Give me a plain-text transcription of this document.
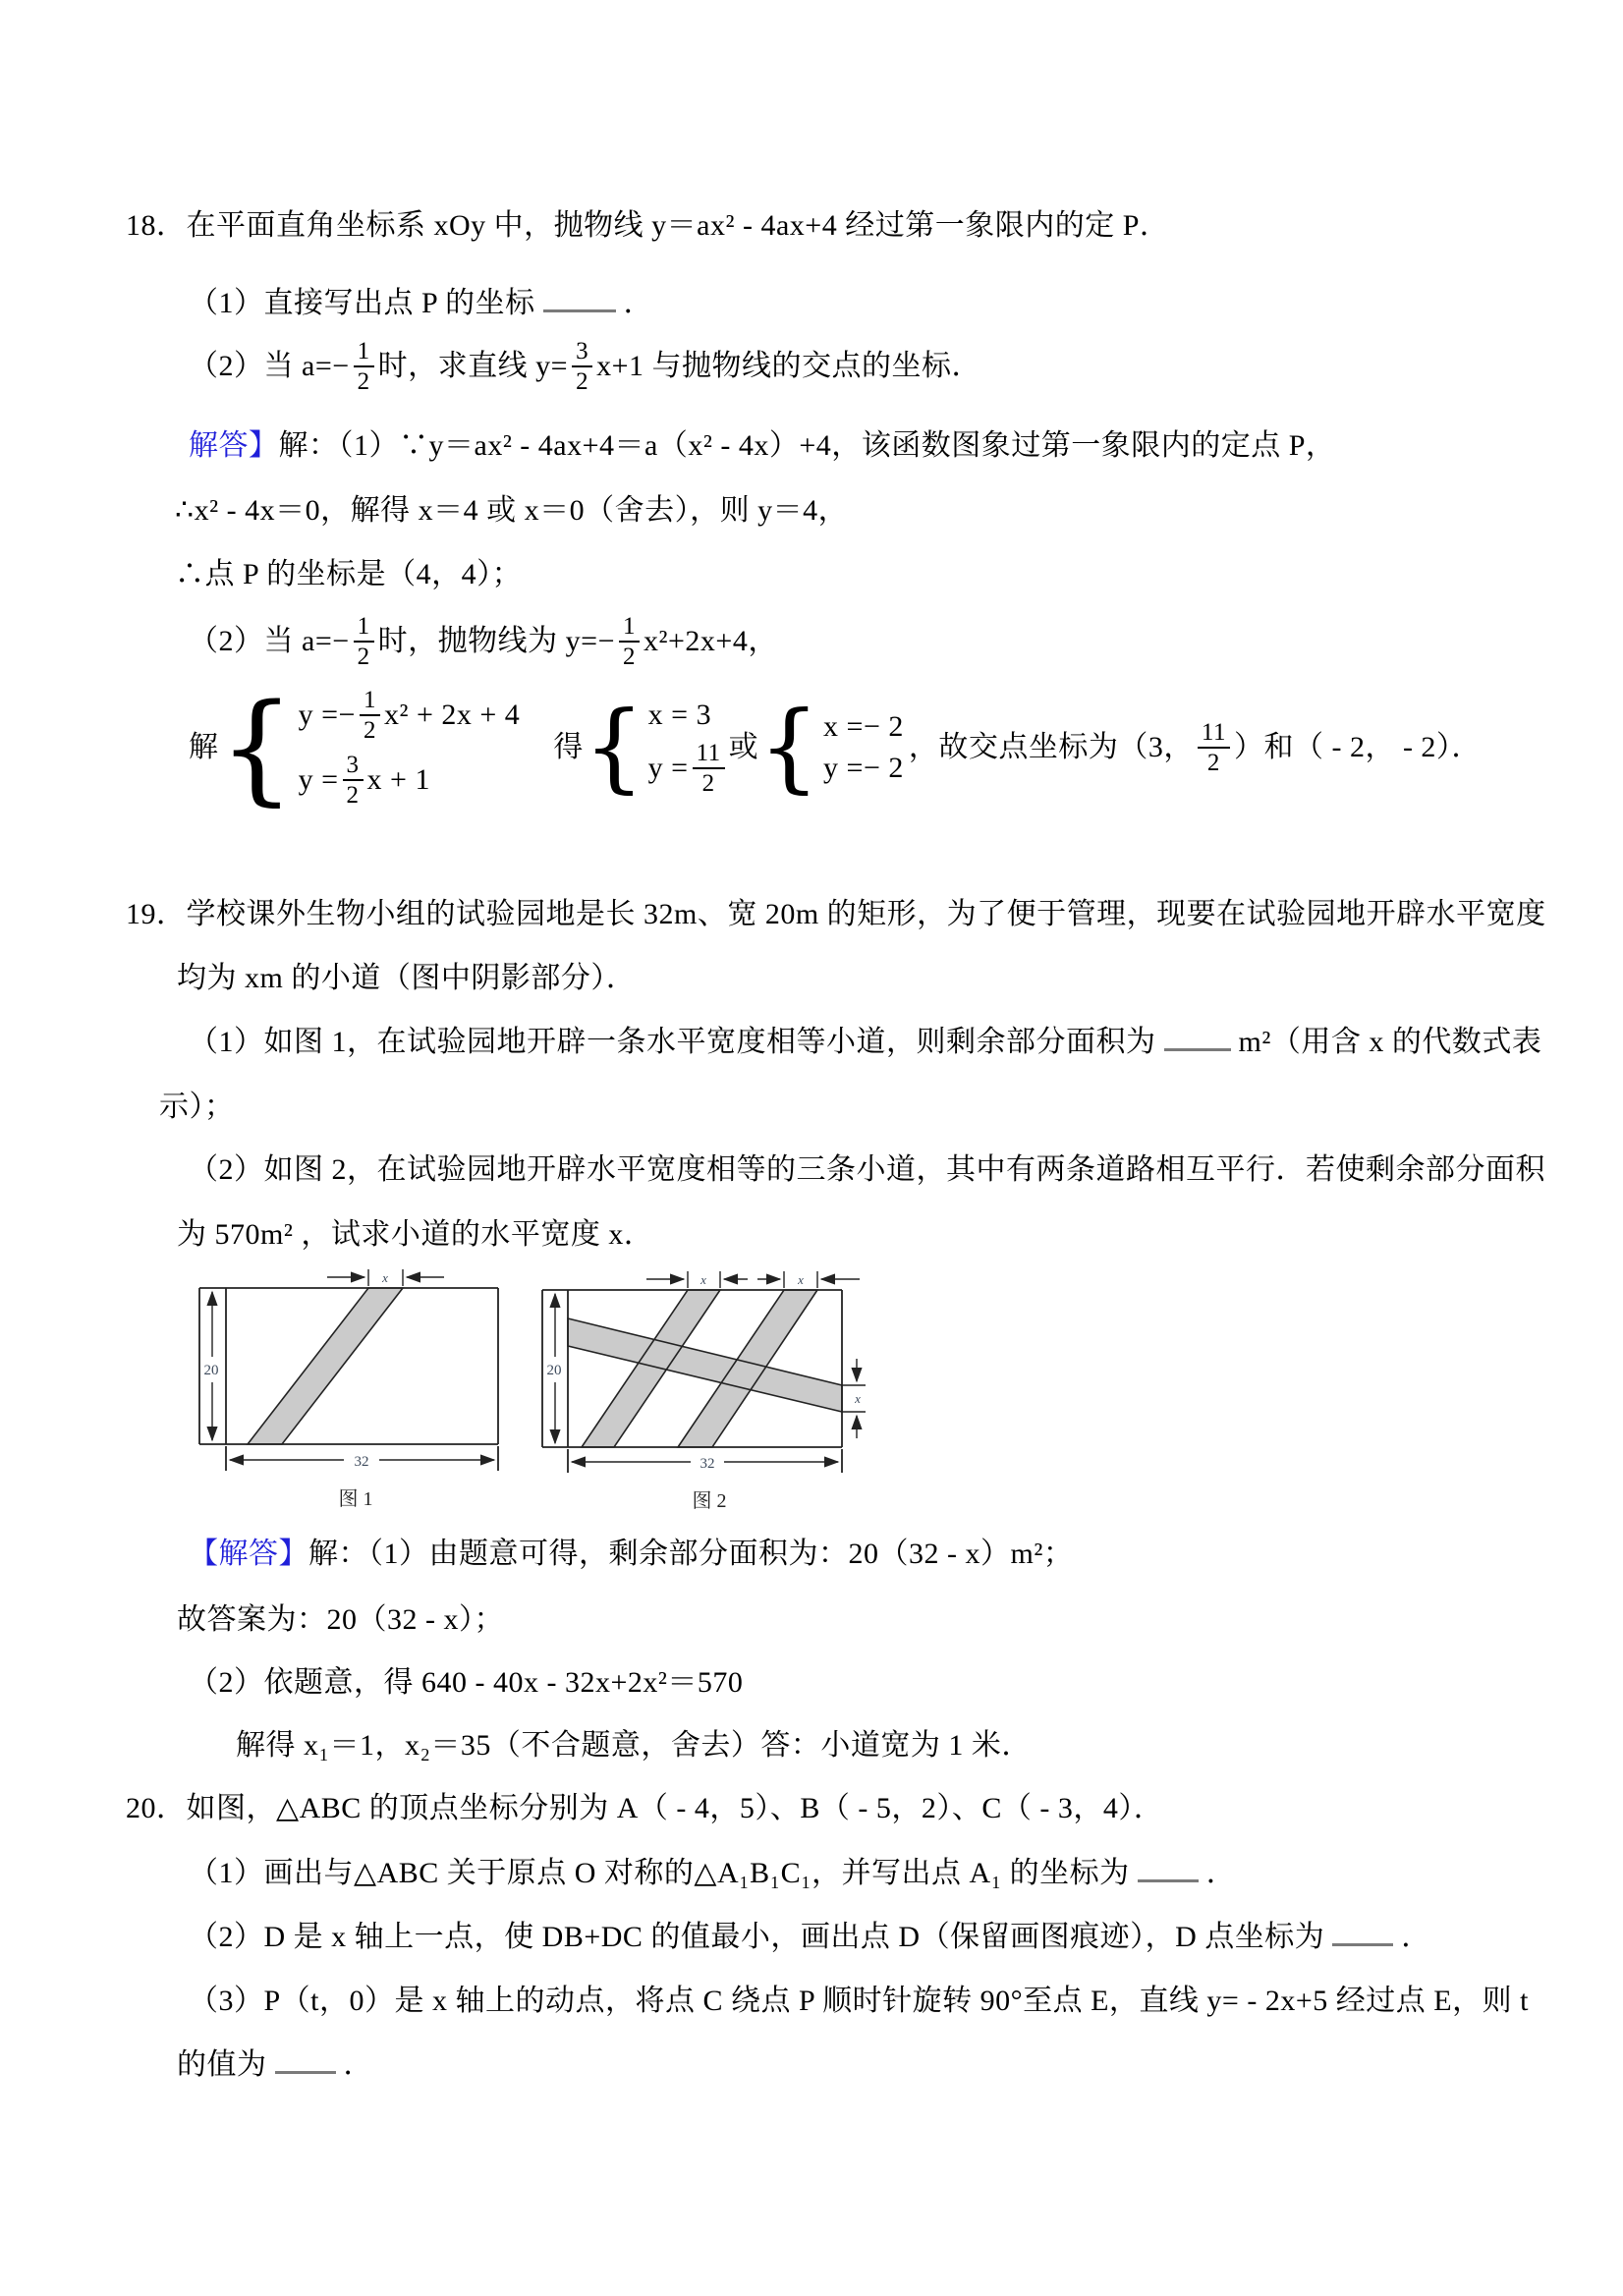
18．在平面直角坐标系 xOy 中，抛物线 y＝ax² - 4ax+4 经过第一象限内的定 P．
（1）直接写出点 P 的坐标	．
（2）当 $a=- \frac{1}{2}$ 时，求直线 $y= \frac{3}{2} x+1$ 与抛物线的交点的坐标．
解答】解：（1）∵y＝ax² - 4ax+4＝a（x² - 4x）+4，该函数图象过第一象限内的定点 P，
∴x² - 4x＝0，解得 x＝4 或 x＝0（舍去），则 y＝4，
∴点 P 的坐标是（4，4）；
（2）当 $a=- \frac{1}{2}$ 时，抛物线为 $y=- \frac{1}{2} x^2+2x+4$，
解 { $y =- \frac{1}{2} x^2 + 2x + 4$
$y = \frac{3}{2}$ x + 1
得 { x = 3
$y = \frac{11}{2}$ 或 { x =− 2
y =− 2
，故交点坐标为（3， $\frac{11}{2}$ ）和（ - 2， - 2）．
19．学校课外生物小组的试验园地是长 32m、宽 20m 的矩形，为了便于管理，现要在试验园地开辟水平宽度
均为 xm 的小道（图中阴影部分）．
（1）如图 1，在试验园地开辟一条水平宽度相等小道，则剩余部分面积为	m²（用含 x 的代数式表
示）；
（2）如图 2，在试验园地开辟水平宽度相等的三条小道，其中有两条道路相互平行．若使剩余部分面积
为 570m² ，试求小道的水平宽度 x．
20
x
32
图 1
20
x	x
x
32
图 2
【解答】解：（1）由题意可得，剩余部分面积为：20（32 - x）m²；
故答案为：20（32 - x）；
（2）依题意，得 640 - 40x - 32x+2x²＝570
解得 x₁＝1，x₂＝35（不合题意，舍去）答：小道宽为 1 米．
20．如图，△ABC 的顶点坐标分别为 A（ - 4，5）、B（ - 5，2）、C（ - 3，4）．
（1）画出与△ABC 关于原点 O 对称的△A₁B₁C₁，并写出点 A₁ 的坐标为	．
（2）D 是 x 轴上一点，使 DB+DC 的值最小，画出点 D（保留画图痕迹），D 点坐标为	．
（3）P（t，0）是 x 轴上的动点，将点 C 绕点 P 顺时针旋转 90°至点 E，直线 y= - 2x+5 经过点 E，则 t
的值为	．
